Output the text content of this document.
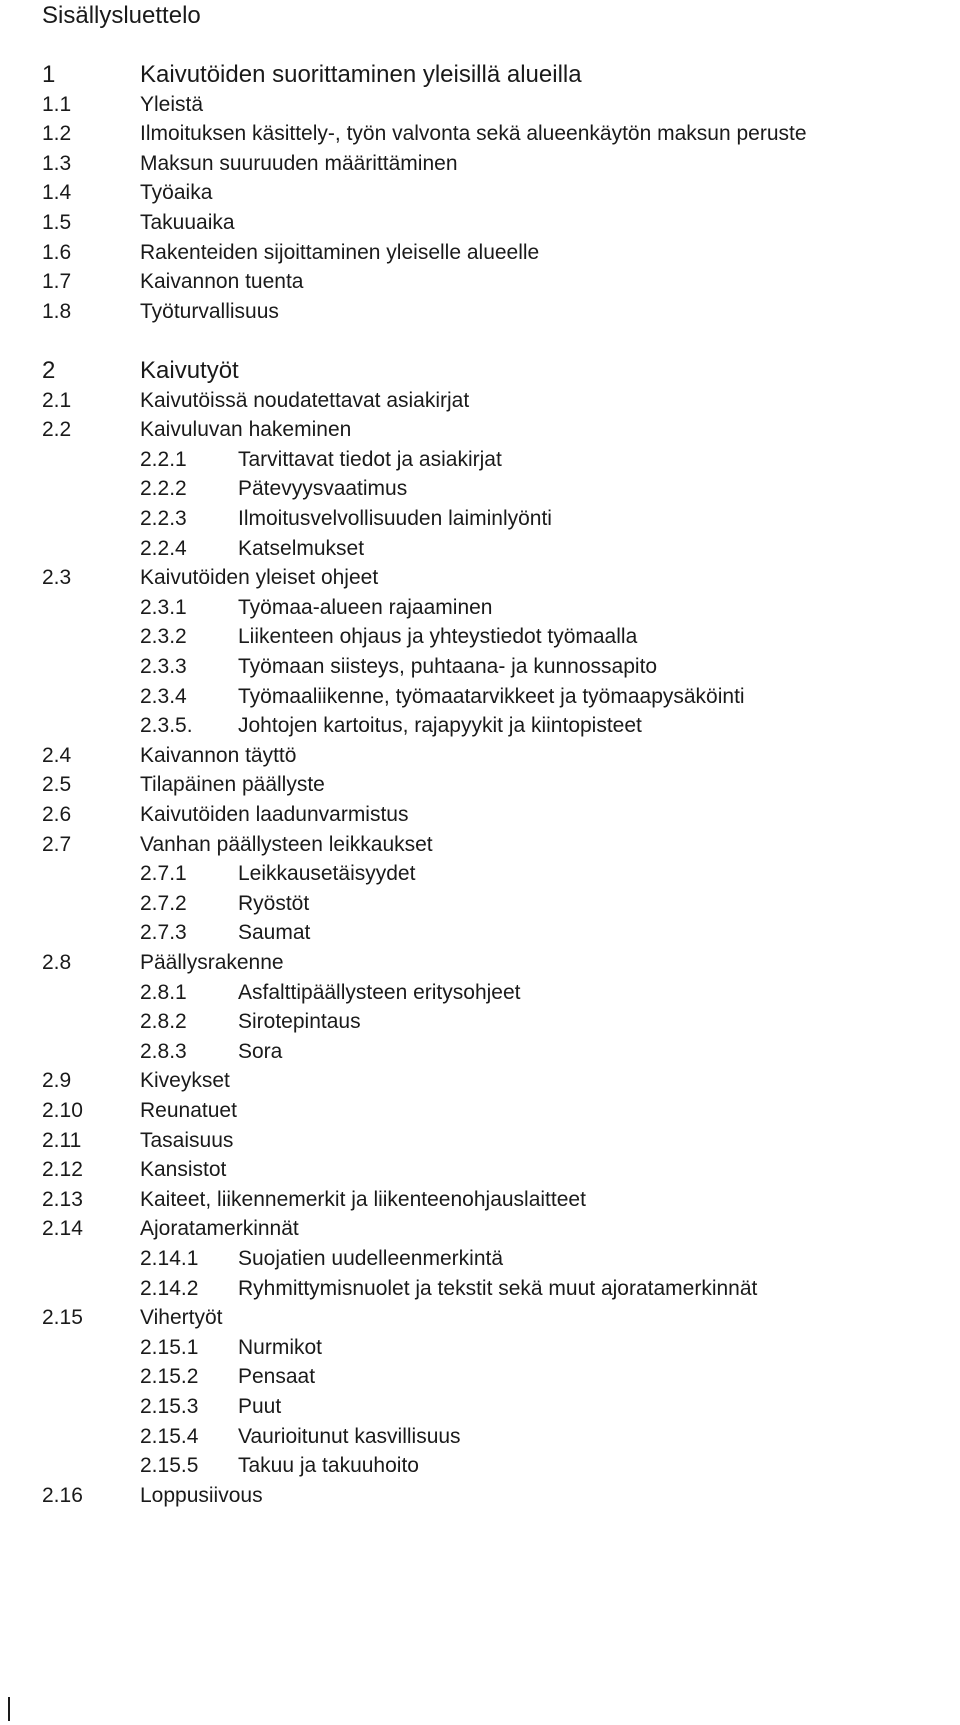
Sisällysluettelo
1	Kaivutöiden suorittaminen yleisillä alueilla
1.1	Yleistä
1.2	Ilmoituksen käsittely-, työn valvonta sekä alueenkäytön maksun peruste
1.3	Maksun suuruuden määrittäminen
1.4	Työaika
1.5	Takuuaika
1.6	Rakenteiden sijoittaminen yleiselle alueelle
1.7	Kaivannon tuenta
1.8	Työturvallisuus
2	Kaivutyöt
2.1	Kaivutöissä noudatettavat asiakirjat
2.2	Kaivuluvan hakeminen
2.2.1 Tarvittavat tiedot ja asiakirjat
2.2.2 Pätevyysvaatimus
2.2.3 Ilmoitusvelvollisuuden laiminlyönti
2.2.4 Katselmukset
2.3	Kaivutöiden yleiset ohjeet
2.3.1 Työmaa-alueen rajaaminen
2.3.2 Liikenteen ohjaus ja yhteystiedot työmaalla
2.3.3 Työmaan siisteys, puhtaana- ja kunnossapito
2.3.4 Työmaaliikenne, työmaatarvikkeet ja työmaapysäköinti
2.3.5. Johtojen kartoitus, rajapyykit ja kiintopisteet
2.4	Kaivannon täyttö
2.5	Tilapäinen päällyste
2.6	Kaivutöiden laadunvarmistus
2.7	Vanhan päällysteen leikkaukset
2.7.1 Leikkausetäisyydet
2.7.2 Ryöstöt
2.7.3 Saumat
2.8	Päällysrakenne
2.8.1 Asfalttipäällysteen eritysohjeet
2.8.2 Sirotepintaus
2.8.3 Sora
2.9	Kiveykset
2.10	Reunatuet
2.11	Tasaisuus
2.12	Kansistot
2.13	Kaiteet, liikennemerkit ja liikenteenohjauslaitteet
2.14	Ajoratamerkinnät
2.14.1 Suojatien uudelleenmerkintä
2.14.2 Ryhmittymisnuolet ja tekstit sekä muut ajoratamerkinnät
2.15	Vihertyöt
2.15.1 Nurmikot
2.15.2 Pensaat
2.15.3 Puut
2.15.4 Vaurioitunut kasvillisuus
2.15.5 Takuu ja takuuhoito
2.16	Loppusiivous
